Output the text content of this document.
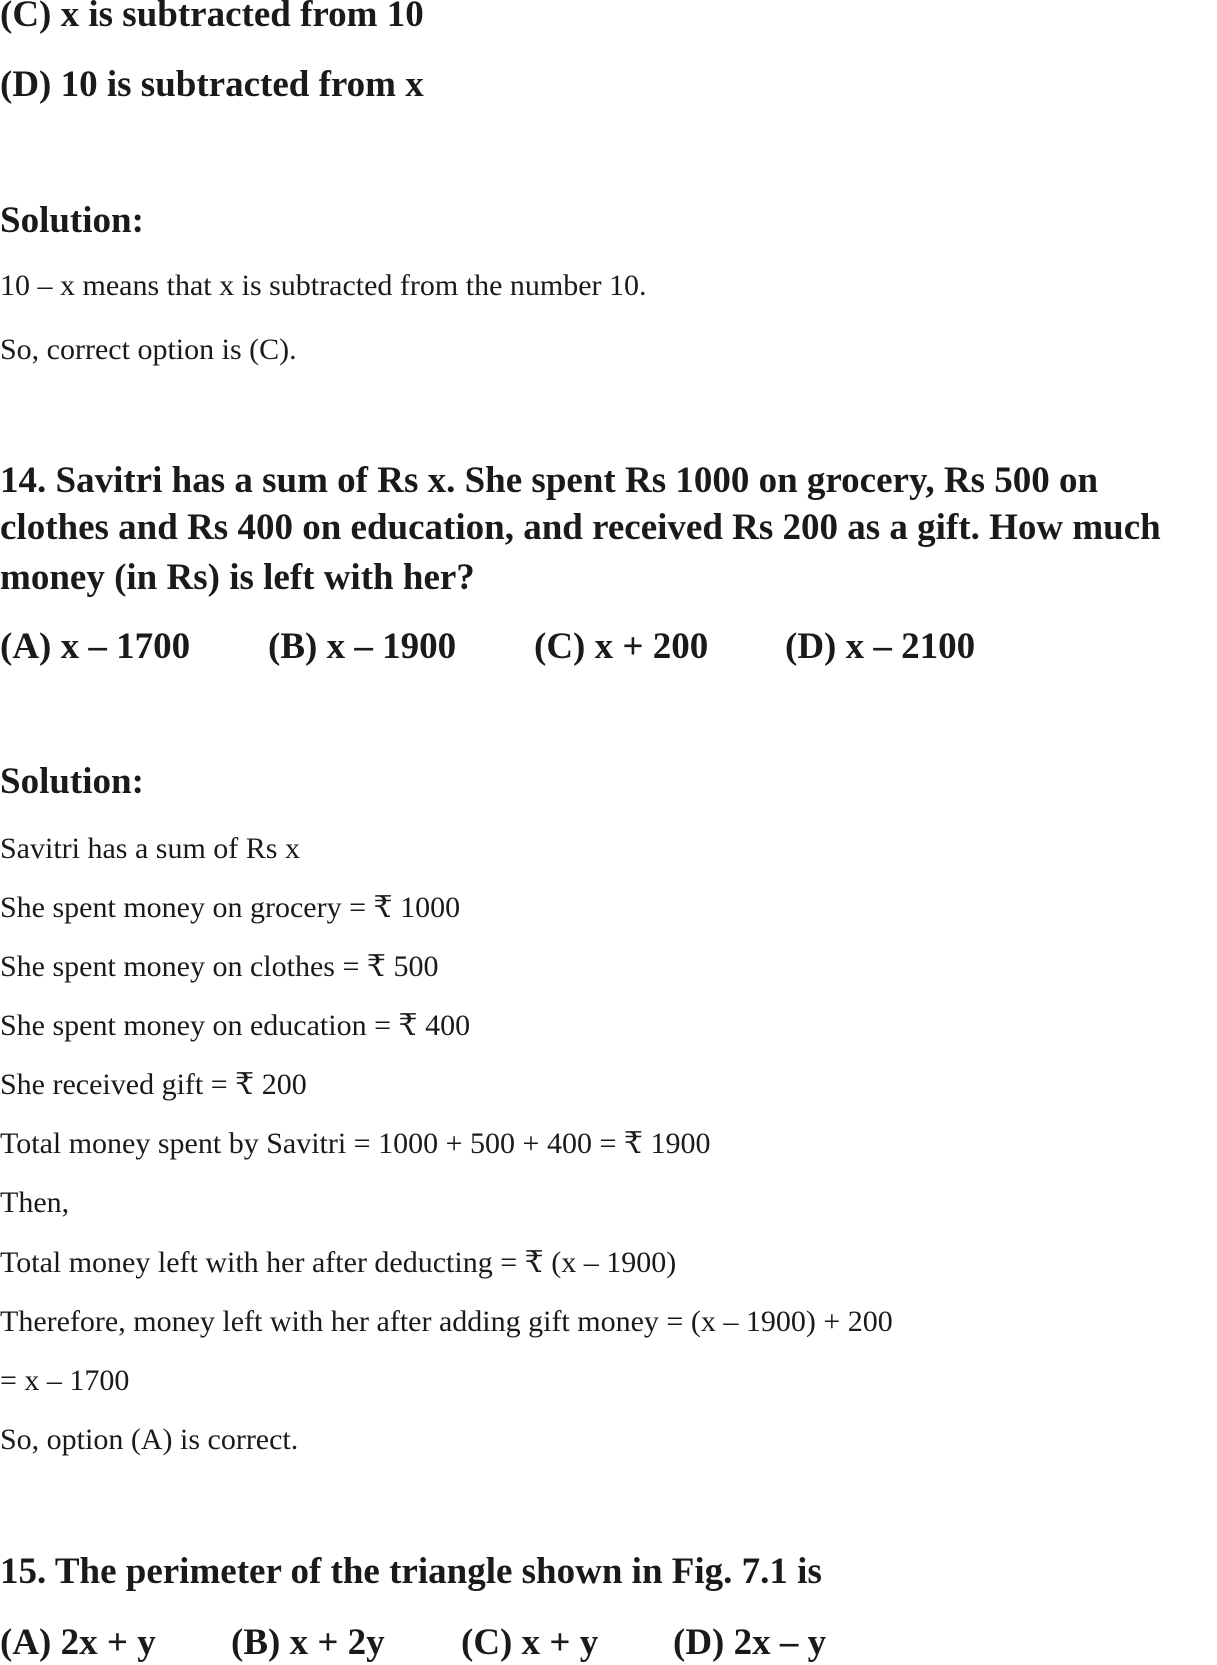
(C) x is subtracted from 10
(D) 10 is subtracted from x
Solution:
10 – x means that x is subtracted from the number 10.
So, correct option is (C).
14. Savitri has a sum of Rs x. She spent Rs 1000 on grocery, Rs 500 on
clothes and Rs 400 on education, and received Rs 200 as a gift. How much
money (in Rs) is left with her?
(A) x – 1700 (B) x – 1900 (C) x + 200 (D) x – 2100
Solution:
Savitri has a sum of Rs x
She spent money on grocery = ₹ 1000
She spent money on clothes = ₹ 500
She spent money on education = ₹ 400
She received gift = ₹ 200
Total money spent by Savitri = 1000 + 500 + 400 = ₹ 1900
Then,
Total money left with her after deducting = ₹ (x – 1900)
Therefore, money left with her after adding gift money = (x – 1900) + 200
= x – 1700
So, option (A) is correct.
15. The perimeter of the triangle shown in Fig. 7.1 is
(A) 2x + y (B) x + 2y (C) x + y (D) 2x – y
